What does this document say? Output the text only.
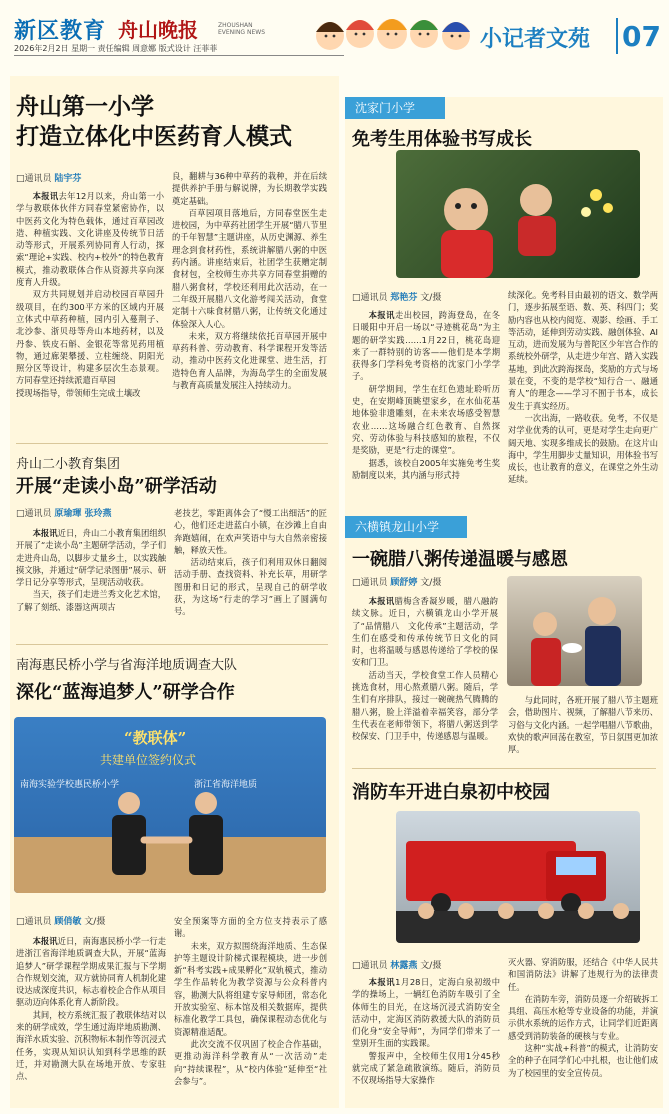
新区教育 舟山晚报	ZHOUSHAN EVENING NEWS
2026年2月2日 星期一 责任编辑 周意娜 版式设计 汪菲菲	小记者文苑 07
舟山第一小学
打造立体化中医药育人模式
□通讯员 陆宇芬

本报讯去年12月以来，舟山第一小学与教联体伙伴方同春堂紧密协作，以中医药文化为特色载体，通过百草园改造、种植实践、文化讲座及传统节日活动等形式，开展系列协同育人行动，探索“理论+实践、校内+校外”的特色教育模式，推动教联体合作从资源共享向深度育人升级。

双方共同规划并启动校园百草园升级项目，在约300平方米的区域内开展立体式中草药种植，园内引入蔓荆子、北沙参、浙贝母等舟山本地药材，以及丹参、铁皮石斛、金银花等常见药用植物，通过廊架攀援、立柱缠绕、阴阳光照分区等设计，构建多层次生态景观。方同春堂还持续派遣百草园

授现场指导，带领师生完成土壤改

良，翻耕与36种中草药的栽种，并在后续提供养护手册与解说牌，为长期教学实践奠定基础。

百草园项目落地后，方同春堂医生走进校园，为中草药社团学生开展“腊八节里的千年智慧”主题讲座，从历史渊源、养生理念到食材药性，系统讲解腊八粥的中医药内涵。讲座结束后，社团学生获赠定制食材包，全校师生亦共享方同春堂捐赠的腊八粥食材，学校还利用此次活动，在一二年级开展腊八文化游考闯关活动，食堂定制十六味食材腊八粥，让传统文化通过体验深入人心。

未来，双方将继续依托百草园开展中草药科普、劳动教育、科学课程开发等活动，推动中医药文化进课堂、进生活，打造特色育人品牌，为海岛学生的全面发展与教育高质量发展注入持续动力。

舟山二小教育集团
开展“走读小岛”研学活动
□通讯员 原瑜琿 张玲燕

本报讯近日，舟山二小教育集团组织开展了“走读小岛”主题研学活动，学子们走进舟山岛，以脚步丈量乡土，以实践触摸文脉，并通过“研学记录图册”展示、研学日记分享等形式，呈现活动收获。

当天，孩子们走进兰秀文化艺术馆，了解了刻纸、漆器这两项古

老技艺，零距离体会了“慢工出细活”的匠心，他们还走进蓝白小镇，在沙滩上自由奔跑嬉闹，在欢声笑语中与大自然亲密接触，释放天性。

活动结束后，孩子们利用双休日翻阅活动手册、查找资料、补充长草，用研学图册和日记的形式，呈现自己的研学收获，为这场“行走的学习”画上了圆满句号。

南海惠民桥小学与省海洋地质调查大队
深化“蓝海追梦人”研学合作
“教联体”
共建单位签约仪式
南海实验学校惠民桥小学	浙江省海洋地质
□通讯员 顾俏敏 文/摄

本报讯近日，南海惠民桥小学一行走进浙江省海洋地质调查大队，开展“蓝海追梦人”研学课程学期成果汇报与下学期合作规划交流，双方就协同育人机制化建设达成深度共识，标志着校企合作从项目驱动迈向体系化育人新阶段。

其间，校方系统汇报了教联体结对以来的研学成效，学生通过海岸地质勘测、海洋水质实验、沉积物标本制作等沉浸式任务，实现从知识认知到科学思维的跃迁，并对勘测大队在场地开放、专家驻点、

安全预案等方面的全方位支持表示了感谢。

未来，双方拟围绕海洋地质、生态保护等主题设计阶梯式课程模块，进一步创新“科考实践+成果孵化”双轨模式，推动学生作品转化为教学资源与公众科普内容，勘测大队将组建专家导师团，常态化开放实验室、标本馆及相关数据库，提供标准化教学工具包，确保课程动态优化与资源精准适配。

此次交流不仅巩固了校企合作基础，更推动海洋科学教育从“一次活动”走向“持续课程”，从“校内体验”延伸至“社会参与”。

沈家门小学
免考生用体验书写成长
□通讯员 郑艳芬 文/摄

本报讯走出校园，跨海登岛，在冬日暖阳中开启一场以“寻迹桃花岛”为主题的研学实践……1月22日，桃花岛迎来了一群特别的访客——他们是本学期获得多门学科免考资格的沈家门小学学子。

研学期间，学生在红色遗址聆听历史，在安期峰顶眺望家乡，在水仙花基地体验非遗雕刻，在未来农场感受智慧农业……这场融合红色教育、自然探究、劳动体验与科技感知的旅程，不仅是奖励，更是“行走的课堂”。

据悉，该校自2005年实施免考生奖励制度以来，其内涵与形式持

续深化。免考科目由最初的语文、数学两门，逐步拓展至语、数、英、科四门；奖励内容也从校内阅览、观影、绘画、手工等活动，延伸到劳动实践、融创体验、AI互动，进而发展为与普陀区少年宫合作的系统校外研学，从走进少年宫、踏入实践基地，到此次跨海探岛，奖励的方式与场景在变，不变的是学校“知行合一、融通育人”的理念——学习不囿于书本，成长发生于真实经历。

一次出海，一路收获。免考，不仅是对学业优秀的认可，更是对学生走向更广阔天地、实现多维成长的鼓励。在这片山海中，学生用脚步丈量知识，用体验书写成长，也让教育的意义，在课堂之外生动延续。

六横镇龙山小学
一碗腊八粥传递温暖与感恩
□通讯员 顾舒婷 文/摄

本报讯腊梅含香凝岁暖，腊八融韵续文脉。近日，六横镇龙山小学开展了“品情腊八　文化传承”主题活动，学生们在感受和传承传统节日文化的同时，也将温暖与感恩传递给了学校的保安和门卫。

活动当天，学校食堂工作人员精心挑选食材，用心熬煮腊八粥。随后，学生们有序排队，接过一碗碗热气腾腾的腊八粥，脸上洋溢着幸福笑容，部分学生代表在老师带领下，将腊八粥送到学校保安、门卫手中，传递感恩与温暖。

与此同时，各班开展了腊八节主题班会，借助图片、视频，了解腊八节来历、习俗与文化内涵。一起学唱腊八节歌曲，欢快的歌声回荡在教室，节日氛围更加浓厚。

消防车开进白泉初中校园
□通讯员 林露燕 文/摄

本报讯1月28日，定海白泉初级中学的操场上，一辆红色消防车吸引了全体师生的目光，在这场沉浸式消防安全活动中，定海区消防救援大队的消防员们化身“安全导师”，为同学们带来了一堂别开生面的实践课。

警报声中，全校师生仅用1分45秒就完成了紧急疏散演练。随后，消防员不仅现场指导大家操作

灭火器、穿消防服，还结合《中华人民共和国消防法》讲解了违规行为的法律责任。

在消防车旁，消防员逐一介绍破拆工具组、高压水枪等专业设备的功能，并演示供水系统的运作方式，让同学们近距离感受到消防装备的硬核与专业。

这种“实战+科普”的模式，让消防安全的种子在同学们心中扎根，也让他们成为了校园里的安全宣传员。
